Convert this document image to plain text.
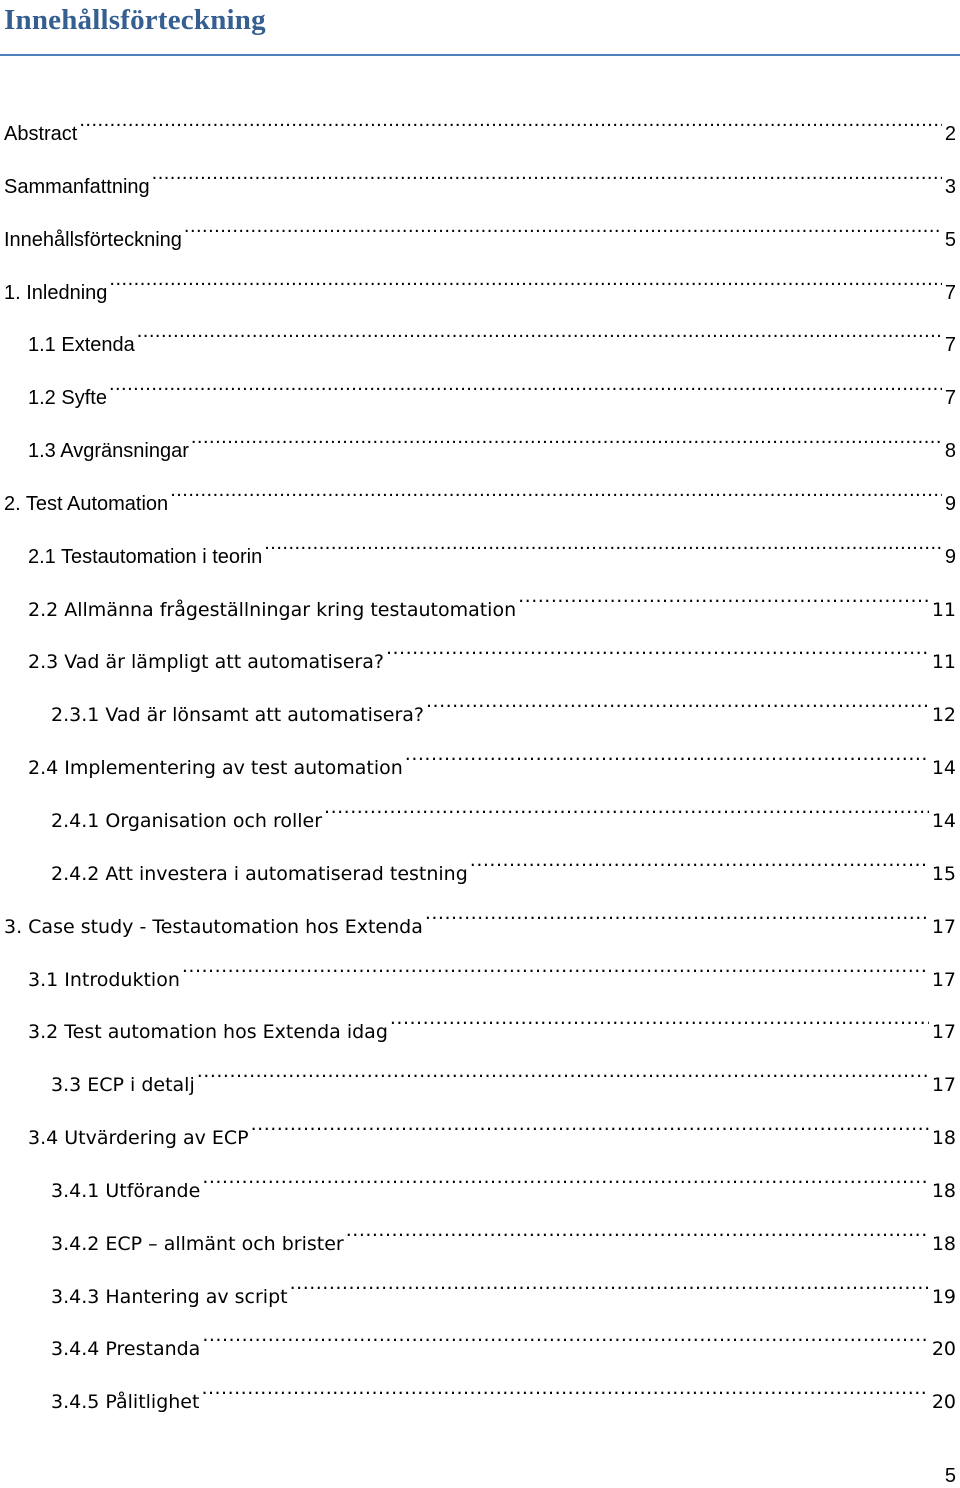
Innehållsförteckning
Abstract .....	2
Sammanfattning .....	3
Innehållsförteckning .....	5
1. Inledning .....	7
1.1 Extenda .....	7
1.2 Syfte .....	7
1.3 Avgränsningar .....	8
2. Test Automation .....	9
2.1 Testautomation i teorin .....	9
2.2 Allmänna frågeställningar kring testautomation .....	11
2.3 Vad är lämpligt att automatisera? .....	11
2.3.1 Vad är lönsamt att automatisera? .....	12
2.4 Implementering av test automation .....	14
2.4.1 Organisation och roller .....	14
2.4.2 Att investera i automatiserad testning .....	15
3. Case study - Testautomation hos Extenda .....	17
3.1 Introduktion .....	17
3.2 Test automation hos Extenda idag .....	17
3.3 ECP i detalj .....	17
3.4 Utvärdering av ECP .....	18
3.4.1 Utförande .....	18
3.4.2 ECP – allmänt och brister .....	18
3.4.3 Hantering av script .....	19
3.4.4 Prestanda .....	20
3.4.5 Pålitlighet .....	20
5
